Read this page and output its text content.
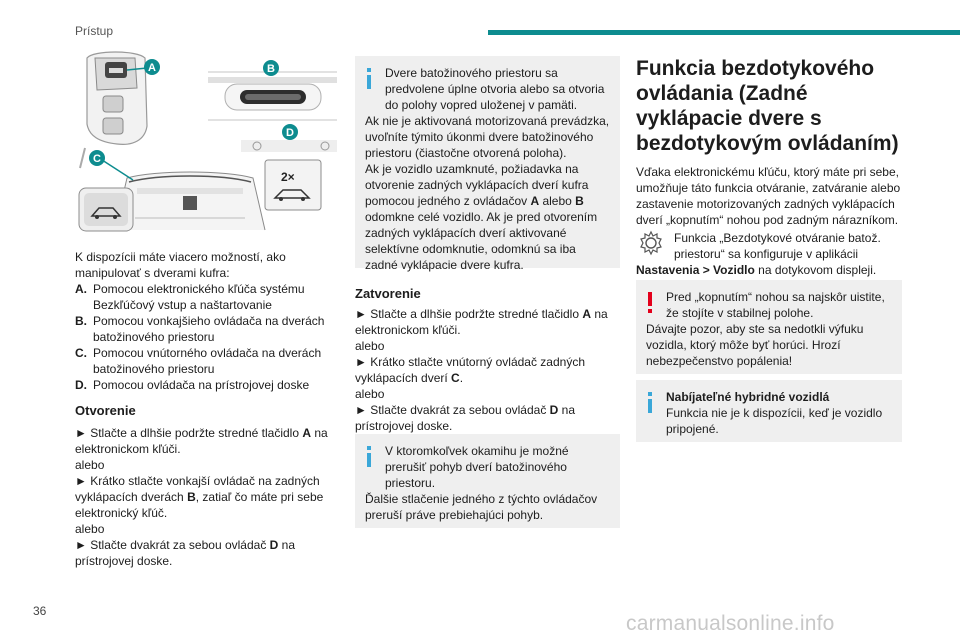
Prístup
A	B
D
C
2×
K dispozícii máte viacero možností, ako manipulovať s dverami kufra:
A. Pomocou elektronického kľúča systému Bezkľúčový vstup a naštartovanie
B. Pomocou vonkajšieho ovládača na dverách batožinového priestoru
C. Pomocou vnútorného ovládača na dverách batožinového priestoru
D. Pomocou ovládača na prístrojovej doske
Otvorenie
► Stlačte a dlhšie podržte stredné tlačidlo A na elektronickom kľúči.
alebo
► Krátko stlačte vonkajší ovládač na zadných vyklápacích dverách B, zatiaľ čo máte pri sebe elektronický kľúč.
alebo
► Stlačte dvakrát za sebou ovládač D na prístrojovej doske.
Dvere batožinového priestoru sa predvolene úplne otvoria alebo sa otvoria do polohy vopred uloženej v pamäti.
Ak nie je aktivovaná motorizovaná prevádzka, uvoľníte týmito úkonmi dvere batožinového priestoru (čiastočne otvorená poloha).
Ak je vozidlo uzamknuté, požiadavka na otvorenie zadných vyklápacích dverí kufra pomocou jedného z ovládačov A alebo B odomkne celé vozidlo. Ak je pred otvorením zadných vyklápacích dverí aktivované selektívne odomknutie, odomknú sa iba zadné vyklápacie dvere kufra.
Zatvorenie
► Stlačte a dlhšie podržte stredné tlačidlo A na elektronickom kľúči.
alebo
► Krátko stlačte vnútorný ovládač zadných vyklápacích dverí C.
alebo
► Stlačte dvakrát za sebou ovládač D na prístrojovej doske.
V ktoromkoľvek okamihu je možné prerušiť pohyb dverí batožinového priestoru.
Ďalšie stlačenie jedného z týchto ovládačov preruší práve prebiehajúci pohyb.
Funkcia bezdotykového ovládania (Zadné vyklápacie dvere s bezdotykovým ovládaním)
Vďaka elektronickému kľúču, ktorý máte pri sebe, umožňuje táto funkcia otváranie, zatváranie alebo zastavenie motorizovaných zadných vyklápacích dverí „kopnutím“ nohou pod zadným nárazníkom.
Funkcia „Bezdotykové otváranie batož. priestoru“ sa konfiguruje v aplikácii
Nastavenia > Vozidlo na dotykovom displeji.
Pred „kopnutím“ nohou sa najskôr uistite, že stojíte v stabilnej polohe.
Dávajte pozor, aby ste sa nedotkli výfuku vozidla, ktorý môže byť horúci. Hrozí nebezpečenstvo popálenia!
Nabíjateľné hybridné vozidlá
Funkcia nie je k dispozícii, keď je vozidlo pripojené.
36
carmanualsonline.info
